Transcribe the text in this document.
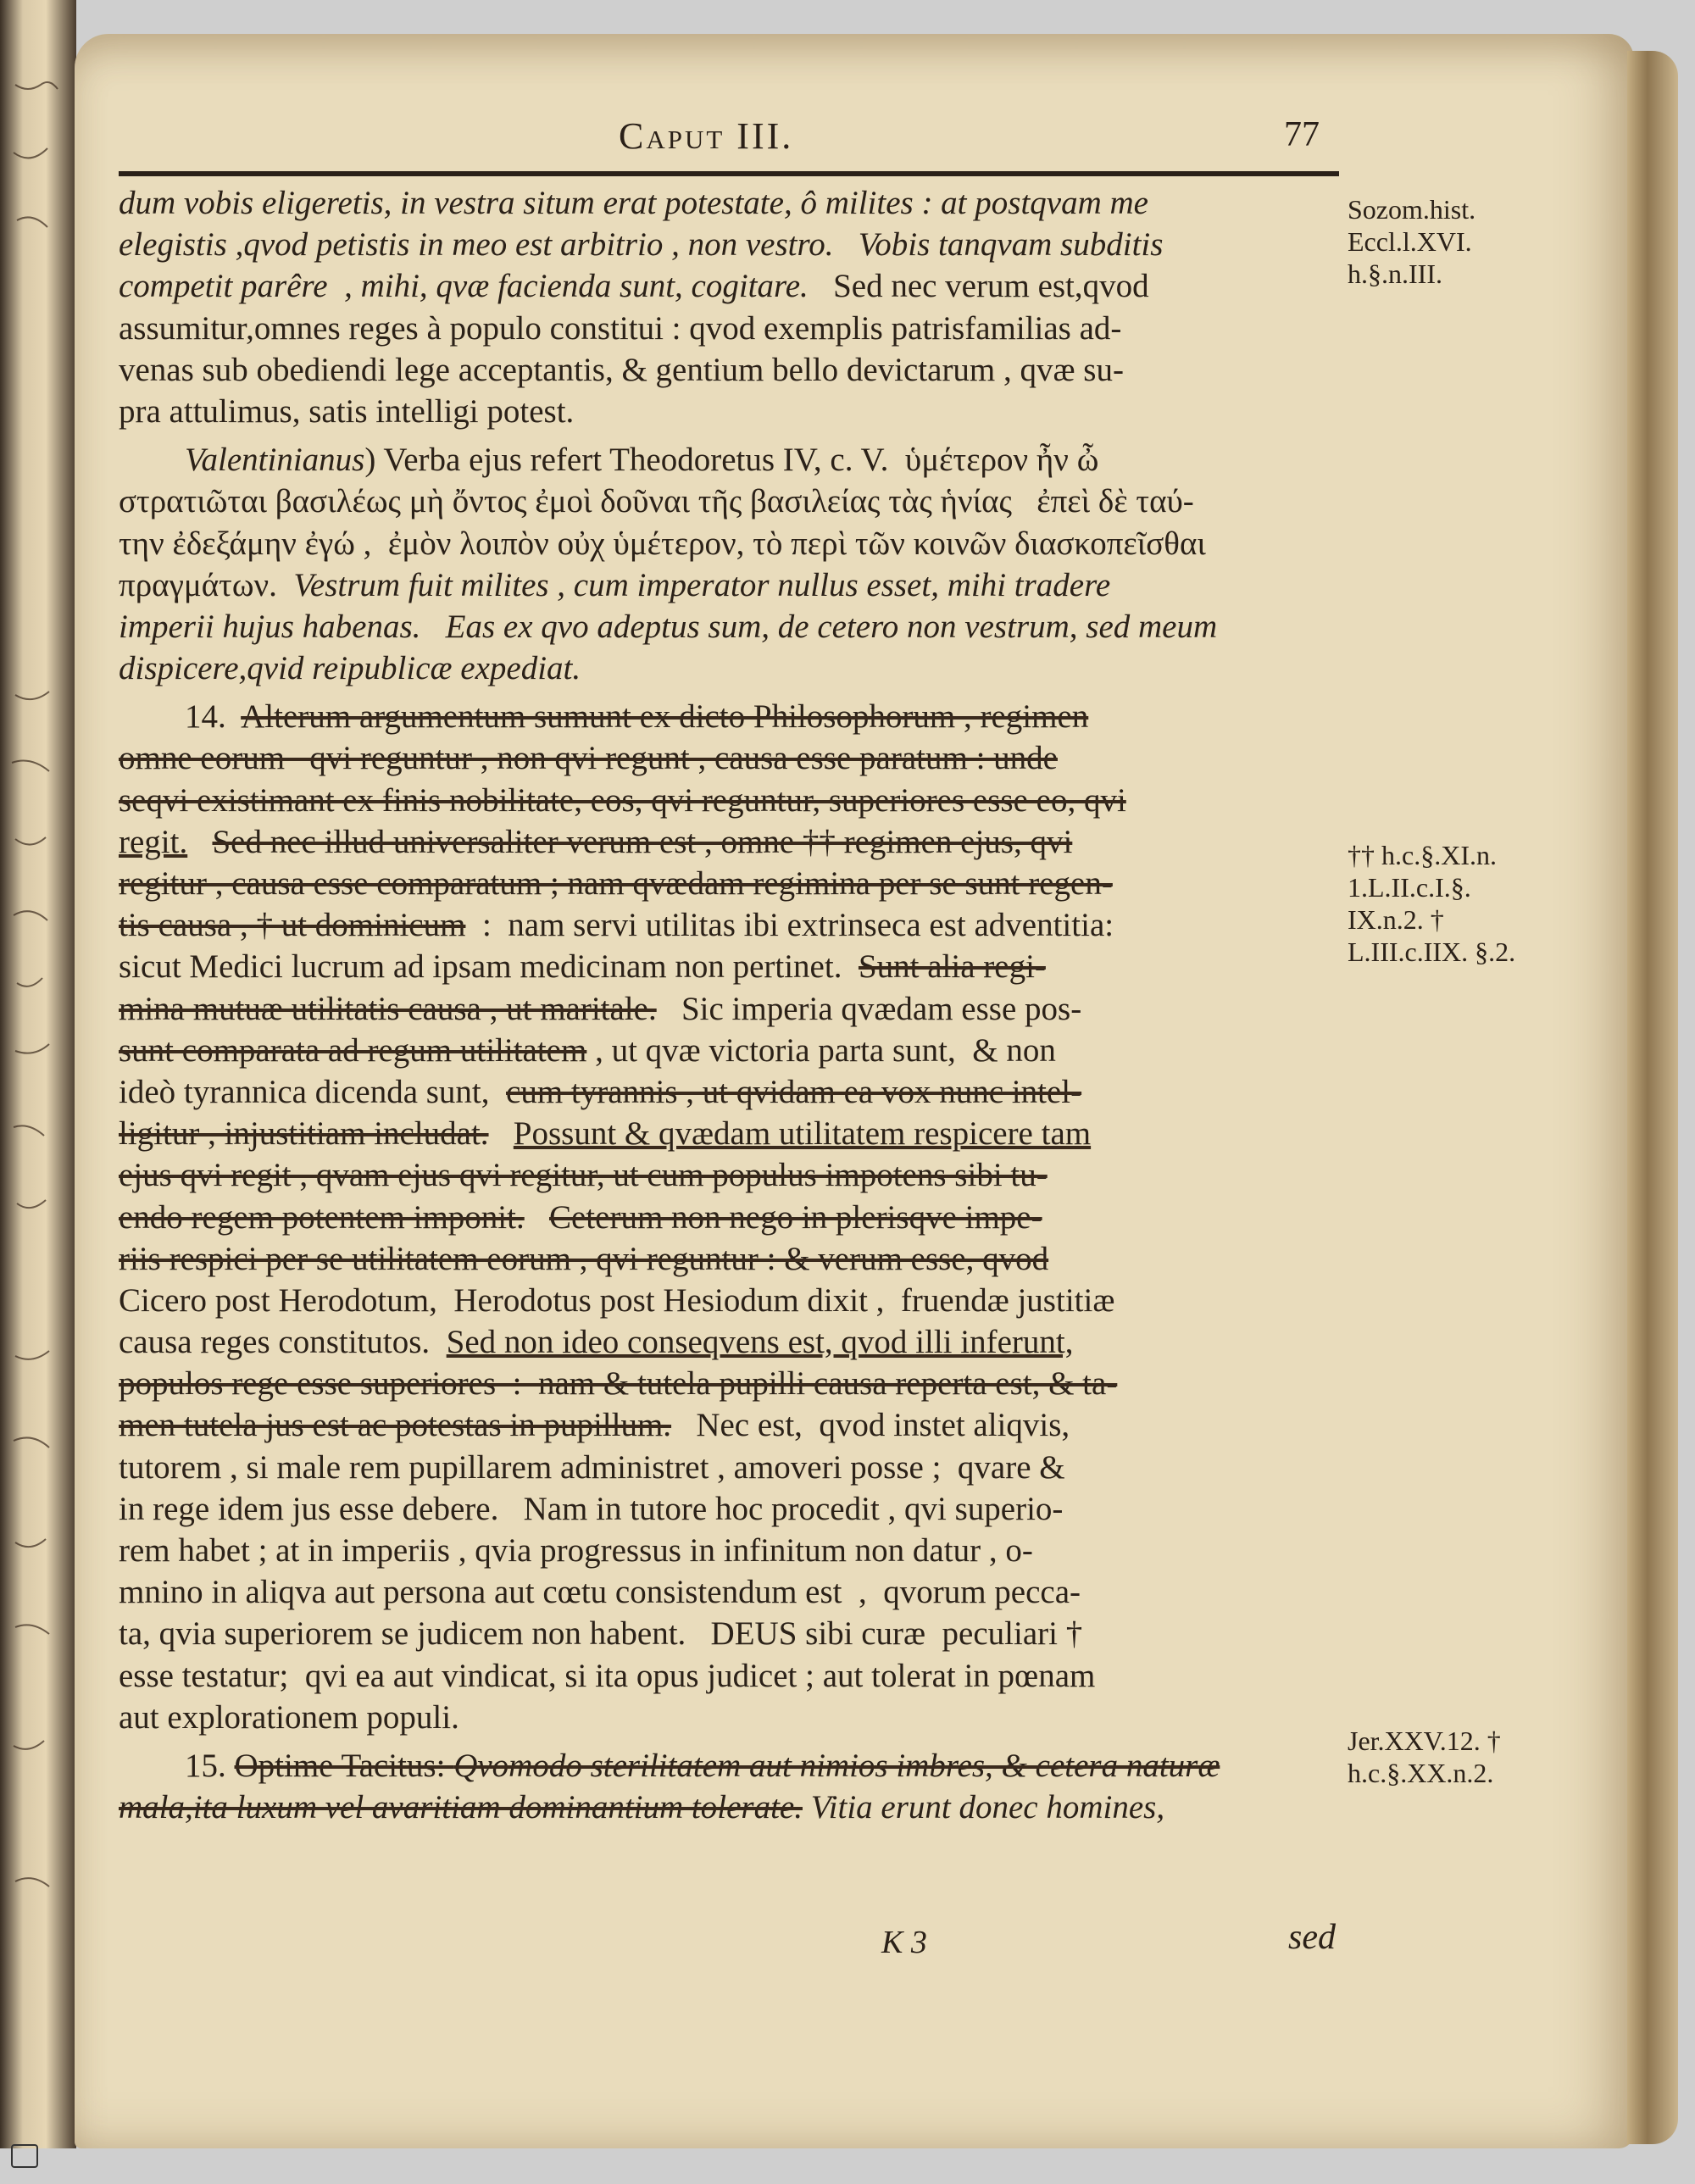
Caput III.	77
dum vobis eligeretis, in vestra situm erat potestate, ô milites : at postqvam me
elegistis ,qvod petistis in meo est arbitrio , non vestro.   Vobis tanqvam subditis
competit parêre  , mihi, qvæ facienda sunt, cogitare.   Sed nec verum est,qvod
assumitur,omnes reges à populo constitui : qvod exemplis patrisfamilias ad-
venas sub obediendi lege acceptantis, & gentium bello devictarum , qvæ su-
pra attulimus, satis intelligi potest.
Valentinianus) Verba ejus refert Theodoretus IV, c. V.  ὑμέτερον ἦν ὦ
στρατιῶται βασιλέως μὴ ὄντος ἐμοὶ δοῦναι τῆς βασιλείας τὰς ἡνίας   ἐπεὶ δὲ ταύ-
την ἐδεξάμην ἐγώ ,  ἐμὸν λοιπὸν οὐχ ὑμέτερον, τὸ περὶ τῶν κοινῶν διασκοπεῖσθαι
πραγμάτων.  Vestrum fuit milites , cum imperator nullus esset, mihi tradere
imperii hujus habenas.   Eas ex qvo adeptus sum, de cetero non vestrum, sed meum
dispicere,qvid reipublicæ expediat.
14.  Alterum argumentum sumunt ex dicto Philosophorum , regimen
omne eorum   qvi reguntur , non qvi regunt , causa esse paratum : unde
seqvi existimant ex finis nobilitate, eos, qvi reguntur, superiores esse eo, qvi
regit. Sed nec illud universaliter verum est , omne †† regimen ejus, qvi
regitur , causa esse comparatum ; nam qvædam regimina per se sunt regen-
tis causa , † ut dominicum  :  nam servi utilitas ibi extrinseca est adventitia:
sicut Medici lucrum ad ipsam medicinam non pertinet.  Sunt alia regi-
mina mutuæ utilitatis causa , ut maritale.   Sic imperia qvædam esse pos-
sunt comparata ad regum utilitatem , ut qvæ victoria parta sunt,  & non
ideò tyrannica dicenda sunt,  cum tyrannis , ut qvidam ea vox nunc intel-
ligitur , injustitiam includat. Possunt & qvædam utilitatem respicere tam
ejus qvi regit , qvam ejus qvi regitur, ut cum populus impotens sibi tu-
endo regem potentem imponit. Ceterum non nego in plerisqve impe-
riis respici per se utilitatem eorum , qvi reguntur : & verum esse, qvod
Cicero post Herodotum,  Herodotus post Hesiodum dixit ,  fruendæ justitiæ
causa reges constitutos.  Sed non ideo conseqvens est, qvod illi inferunt,
populos rege esse superiores  :  nam & tutela pupilli causa reperta est, & ta-
men tutela jus est ac potestas in pupillum.   Nec est,  qvod instet aliqvis,
tutorem , si male rem pupillarem administret , amoveri posse ;  qvare &
in rege idem jus esse debere.   Nam in tutore hoc procedit , qvi superio-
rem habet ; at in imperiis , qvia progressus in infinitum non datur , o-
mnino in aliqva aut persona aut cœtu consistendum est  ,  qvorum pecca-
ta, qvia superiorem se judicem non habent.   DEUS sibi curæ  peculiari †
esse testatur;  qvi ea aut vindicat, si ita opus judicet ; aut tolerat in pœnam
aut explorationem populi.
15. Optime Tacitus: Qvomodo sterilitatem aut nimios imbres, & cetera naturæ
mala,ita luxum vel avaritiam dominantium tolerate. Vitia erunt donec homines,
Sozom.hist. Eccl.l.XVI. h.§.n.III.
†† h.c.§.XI.n. 1.L.II.c.I.§. IX.n.2. † L.III.c.IIX. §.2.
Jer.XXV.12. † h.c.§.XX.n.2.
K 3	sed
